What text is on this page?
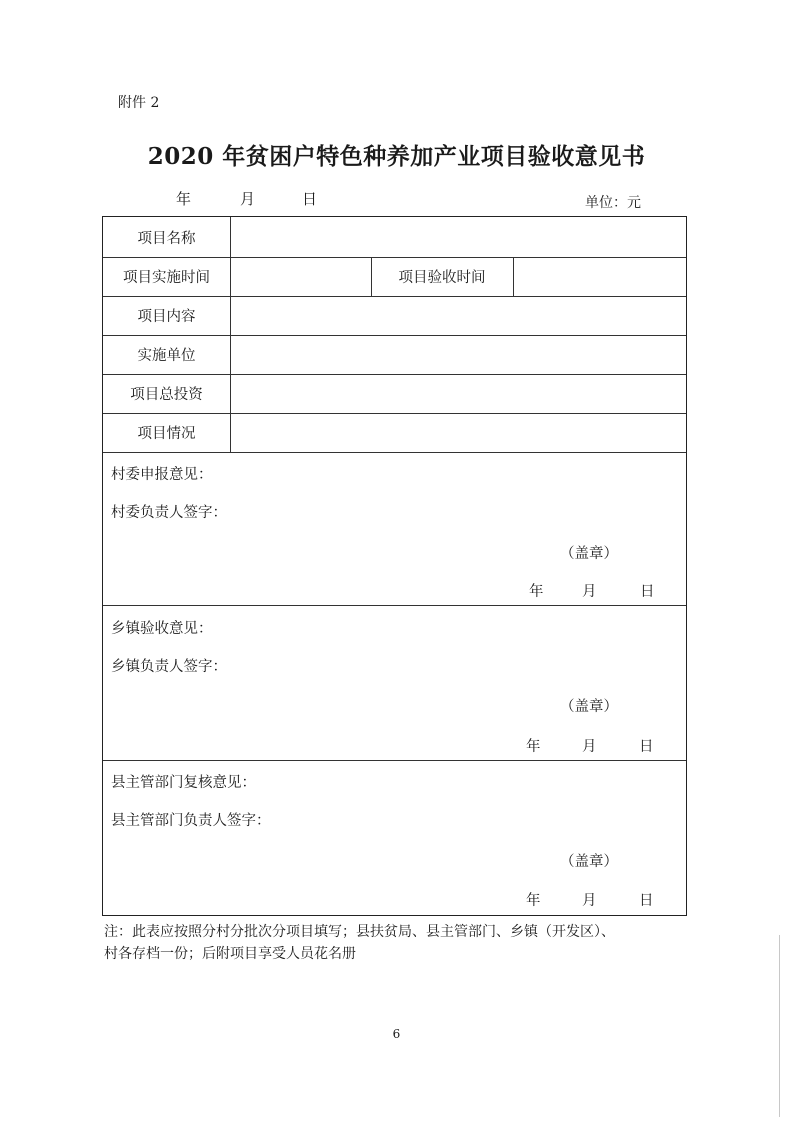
附件 2
2020 年贫困户特色种养加产业项目验收意见书
年	月	日	单位：元
项目名称
项目实施时间	项目验收时间
项目内容
实施单位
项目总投资
项目情况
村委申报意见：
村委负责人签字：
（盖章）
年	月	日
乡镇验收意见：
乡镇负责人签字：
（盖章）
年	月	日
县主管部门复核意见：
县主管部门负责人签字：
（盖章）
年	月	日
注：此表应按照分村分批次分项目填写；县扶贫局、县主管部门、乡镇（开发区）、
村各存档一份；后附项目享受人员花名册
6
